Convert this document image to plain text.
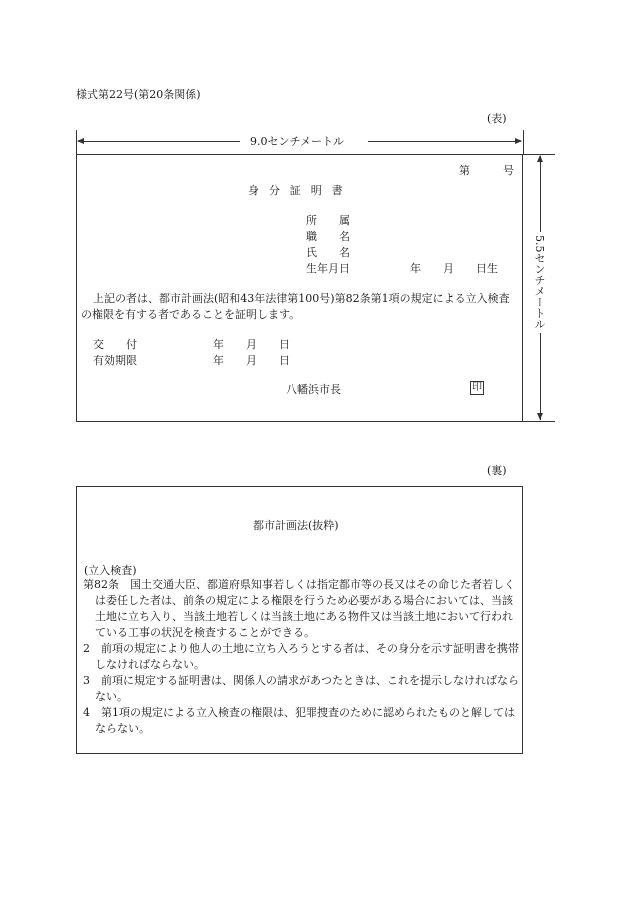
様式第22号(第20条関係)
(表)
9.0センチメートル
5.5センチメートル
第　　　号
身分証明書
所　　属
職　　名
氏　　名
生年月日	年　　月　　日生
上記の者は、都市計画法(昭和43年法律第100号)第82条第1項の規定による立入検査の権限を有する者であることを証明します。
交　　付	年　　月　　日
有効期限	年　　月　　日
八幡浜市長	印
(裏)
都市計画法(抜粋)
(立入検査)
第82条　国土交通大臣、都道府県知事若しくは指定都市等の長又はその命じた者若しくは委任した者は、前条の規定による権限を行うため必要がある場合においては、当該土地に立ち入り、当該土地若しくは当該土地にある物件又は当該土地において行われている工事の状況を検査することができる。
2　前項の規定により他人の土地に立ち入ろうとする者は、その身分を示す証明書を携帯しなければならない。
3　前項に規定する証明書は、関係人の請求があつたときは、これを提示しなければならない。
4　第1項の規定による立入検査の権限は、犯罪捜査のために認められたものと解してはならない。
